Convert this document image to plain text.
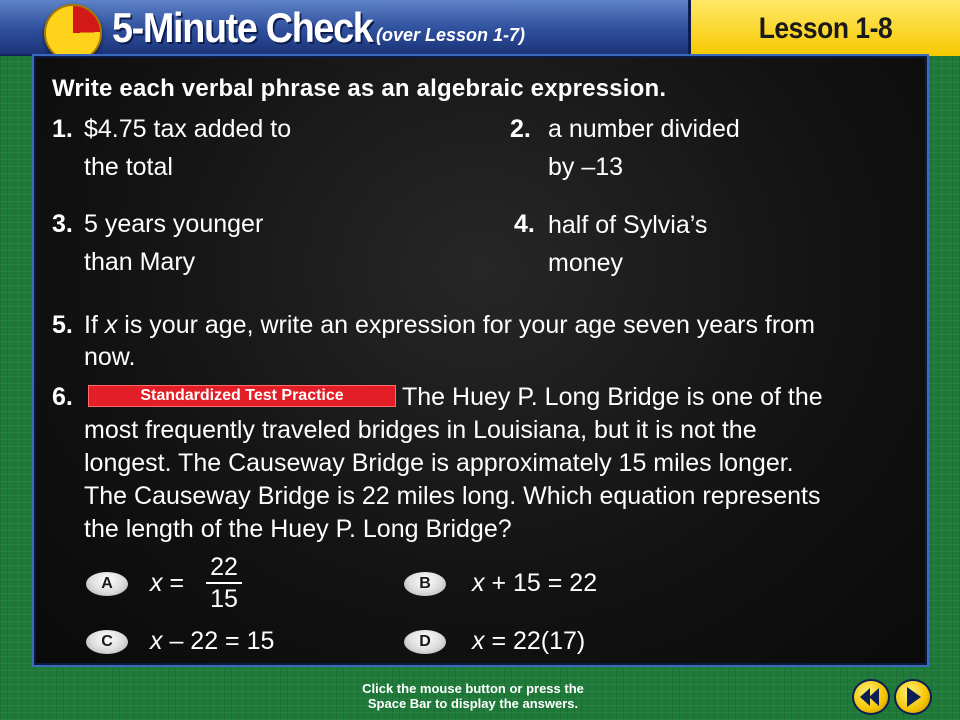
5-Minute Check (over Lesson 1-7)	Lesson 1-8
Write each verbal phrase as an algebraic expression.
1. $4.75 tax added to
the total
2. a number divided
by –13
3. 5 years younger
than Mary
4. half of Sylvia’s
money
5. If x is your age, write an expression for your age seven years from
now.
6.	Standardized Test Practice	The Huey P. Long Bridge is one of the
most frequently traveled bridges in Louisiana, but it is not the
longest. The Causeway Bridge is approximately 15 miles longer.
The Causeway Bridge is 22 miles long. Which equation represents
the length of the Huey P. Long Bridge?
A	x =
22
15
B	x + 15 = 22
C	x – 22 = 15	D	x = 22(17)
Click the mouse button or press the
Space Bar to display the answers.
